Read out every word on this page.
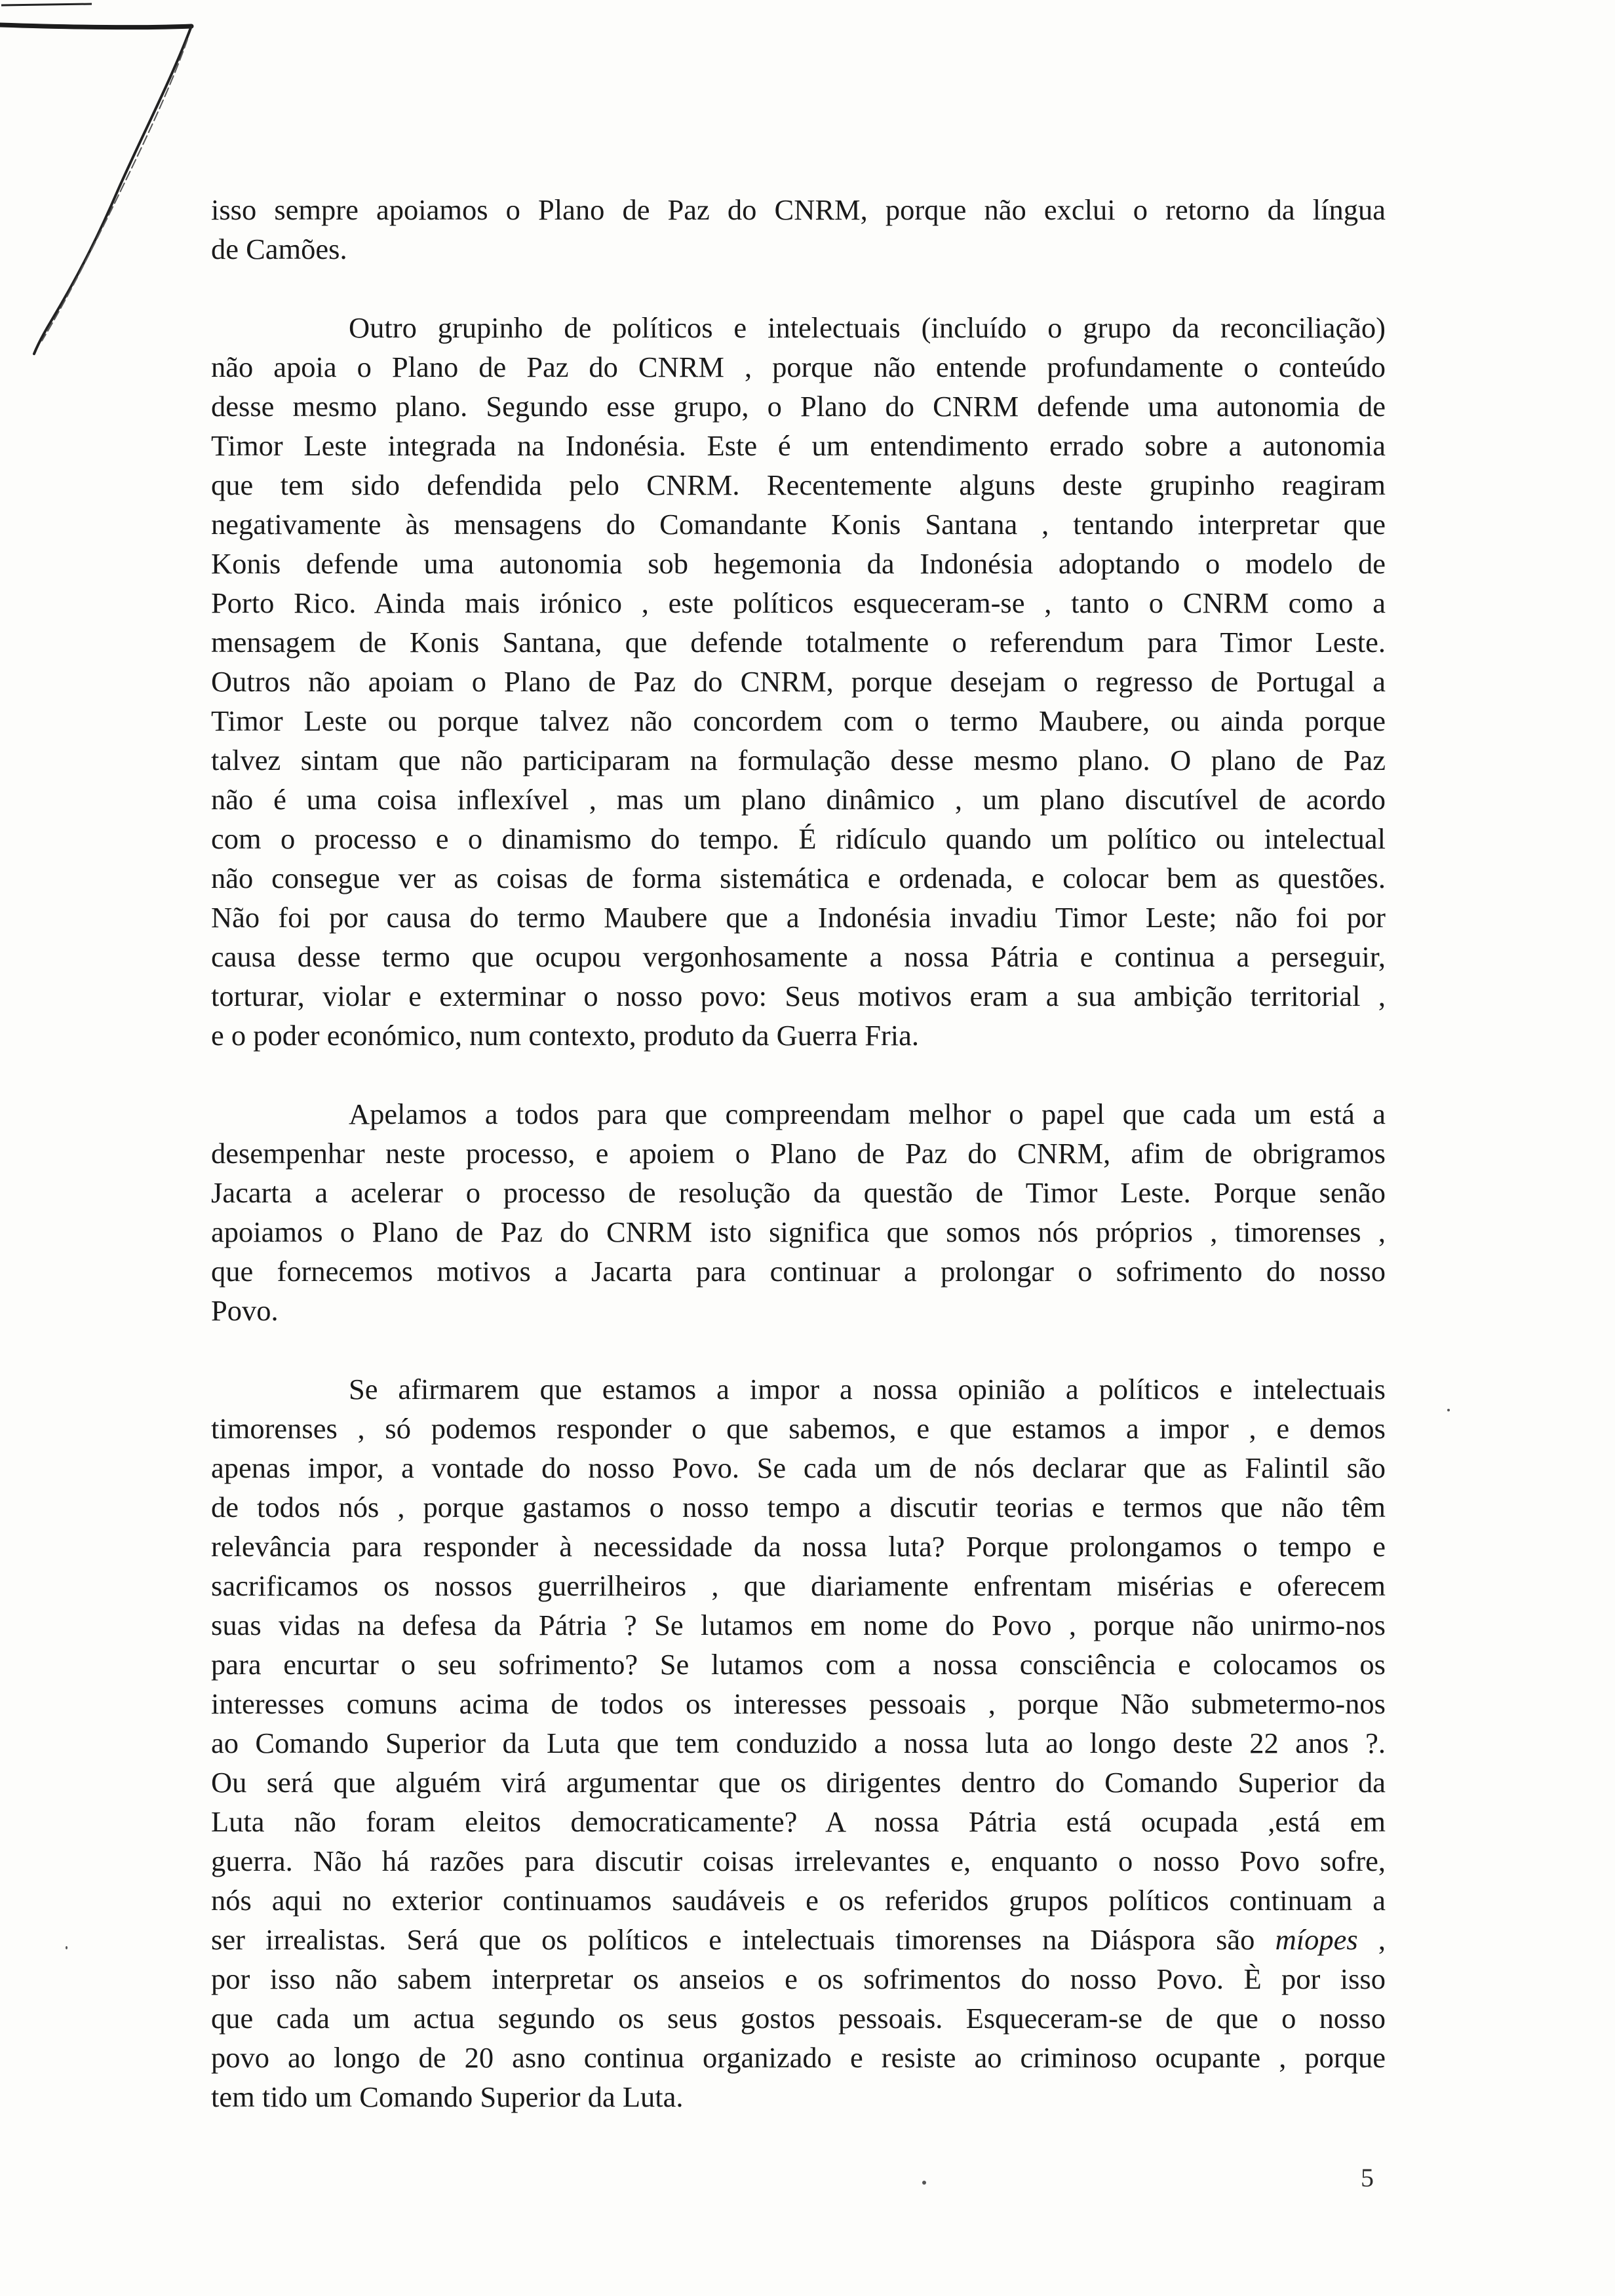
isso sempre apoiamos o Plano de Paz do CNRM, porque não exclui o retorno da língua
de Camões.
Outro grupinho de políticos e intelectuais (incluído o grupo da reconciliação)
não apoia o Plano de Paz do CNRM , porque não entende profundamente o conteúdo
desse mesmo plano. Segundo esse grupo, o Plano do CNRM defende uma autonomia de
Timor Leste integrada na Indonésia. Este é um entendimento errado sobre a autonomia
que tem sido defendida pelo CNRM. Recentemente alguns deste grupinho reagiram
negativamente às mensagens do Comandante Konis Santana , tentando interpretar que
Konis defende uma autonomia sob hegemonia da Indonésia adoptando o modelo de
Porto Rico. Ainda mais irónico , este políticos esqueceram-se , tanto o CNRM como a
mensagem de Konis Santana, que defende totalmente o referendum para Timor Leste.
Outros não apoiam o Plano de Paz do CNRM, porque desejam o regresso de Portugal a
Timor Leste ou porque talvez não concordem com o termo Maubere, ou ainda porque
talvez sintam que não participaram na formulação desse mesmo plano. O plano de Paz
não é uma coisa inflexível , mas um plano dinâmico , um plano discutível de acordo
com o processo e o dinamismo do tempo. É ridículo quando um político ou intelectual
não consegue ver as coisas de forma sistemática e ordenada, e colocar bem as questões.
Não foi por causa do termo Maubere que a Indonésia invadiu Timor Leste; não foi por
causa desse termo que ocupou vergonhosamente a nossa Pátria e continua a perseguir,
torturar, violar e exterminar o nosso povo: Seus motivos eram a sua ambição territorial ,
e o poder económico, num contexto, produto da Guerra Fria.
Apelamos a todos para que compreendam melhor o papel que cada um está a
desempenhar neste processo, e apoiem o Plano de Paz do CNRM, afim de obrigramos
Jacarta a acelerar o processo de resolução da questão de Timor Leste. Porque senão
apoiamos o Plano de Paz do CNRM isto significa que somos nós próprios , timorenses ,
que fornecemos motivos a Jacarta para continuar a prolongar o sofrimento do nosso
Povo.
Se afirmarem que estamos a impor a nossa opinião a políticos e intelectuais
timorenses , só podemos responder o que sabemos, e que estamos a impor , e demos
apenas impor, a vontade do nosso Povo. Se cada um de nós declarar que as Falintil são
de todos nós , porque gastamos o nosso tempo a discutir teorias e termos que não têm
relevância para responder à necessidade da nossa luta? Porque prolongamos o tempo e
sacrificamos os nossos guerrilheiros , que diariamente enfrentam misérias e oferecem
suas vidas na defesa da Pátria ? Se lutamos em nome do Povo , porque não unirmo-nos
para encurtar o seu sofrimento? Se lutamos com a nossa consciência e colocamos os
interesses comuns acima de todos os interesses pessoais , porque Não submetermo-nos
ao Comando Superior da Luta que tem conduzido a nossa luta ao longo deste 22 anos ?.
Ou será que alguém virá argumentar que os dirigentes dentro do Comando Superior da
Luta não foram eleitos democraticamente? A nossa Pátria está ocupada ,está em
guerra. Não há razões para discutir coisas irrelevantes e, enquanto o nosso Povo sofre,
nós aqui no exterior continuamos saudáveis e os referidos grupos políticos continuam a
ser irrealistas. Será que os políticos e intelectuais timorenses na Diáspora são míopes ,
por isso não sabem interpretar os anseios e os sofrimentos do nosso Povo. È por isso
que cada um actua segundo os seus gostos pessoais. Esqueceram-se de que o nosso
povo ao longo de 20 asno continua organizado e resiste ao criminoso ocupante , porque
tem tido um Comando Superior da Luta.
5
